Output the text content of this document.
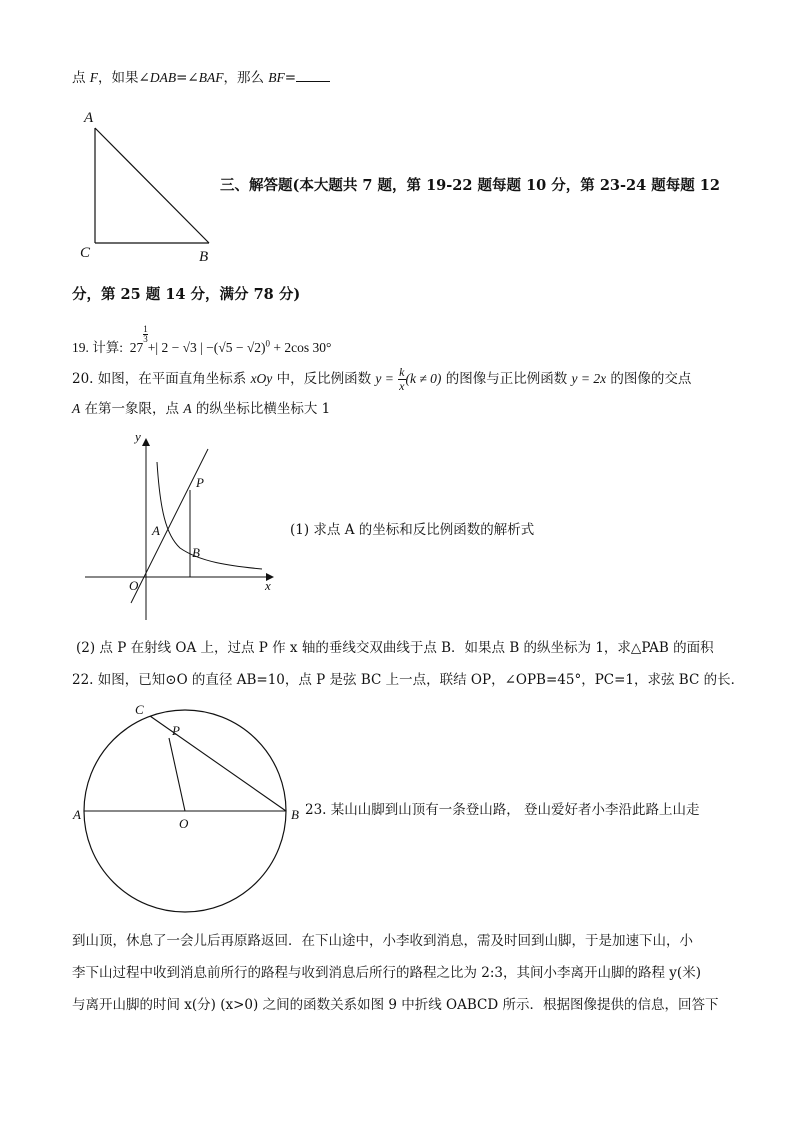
点 F，如果∠DAB=∠BAF，那么 BF=
A
C	B
y
x
O
A
B
P
C
P
A	B
O
三、解答题(本大题共 7 题，第 19-22 题每题 10 分，第 23-24 题每题 12
分，第 25 题 14 分，满分 78 分)
19. 计算: 27
$^{\frac{1}{3}}$
+| 2 − √3 | $-(√5 - √2)^0 + 2\cos$ 30°
20. 如图，在平面直角坐标系 xOy 中，反比例函数 $y = \frac{k}{x} (k \ne 0)$ 的图像与正比例函数 y = 2x 的图像的交点
A 在第一象限，点 A 的纵坐标比横坐标大 1
(1) 求点 A 的坐标和反比例函数的解析式
(2) 点 P 在射线 OA 上，过点 P 作 x 轴的垂线交双曲线于点 B．如果点 B 的纵坐标为 1，求△PAB 的面积
22. 如图，已知⊙O 的直径 AB=10，点 P 是弦 BC 上一点，联结 OP，∠OPB=45°，PC=1，求弦 BC 的长．
23. 某山山脚到山顶有一条登山路， 登山爱好者小李沿此路上山走
到山顶，休息了一会儿后再原路返回．在下山途中，小李收到消息，需及时回到山脚，于是加速下山，小
李下山过程中收到消息前所行的路程与收到消息后所行的路程之比为 2:3，其间小李离开山脚的路程 y(米)
与离开山脚的时间 x(分) (x>0) 之间的函数关系如图 9 中折线 OABCD 所示．根据图像提供的信息，回答下
